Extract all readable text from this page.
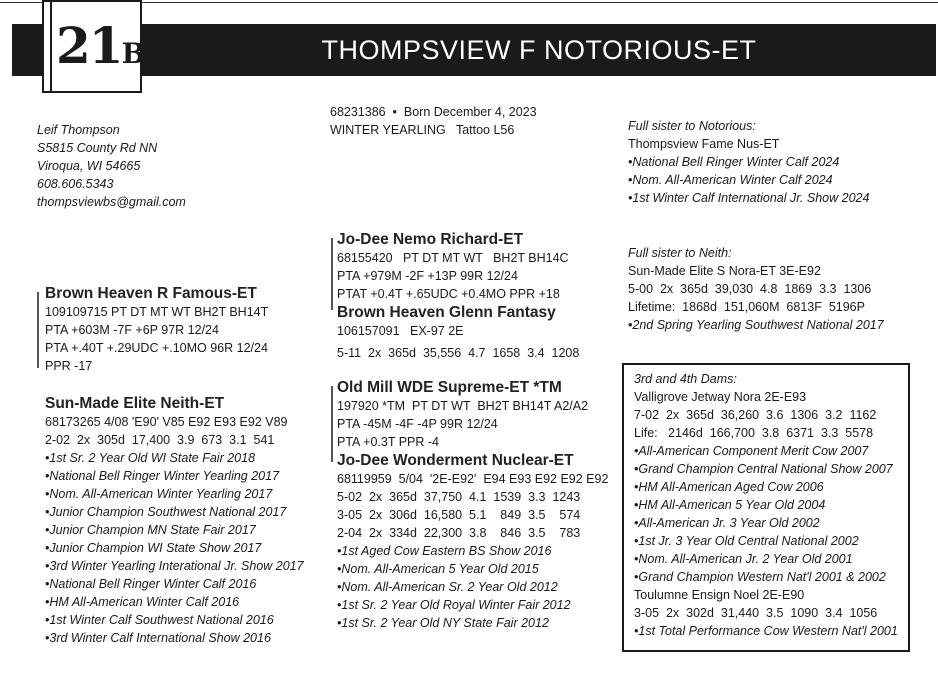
THOMPSVIEW F NOTORIOUS-ET
21B
Leif Thompson
S5815 County Rd NN
Viroqua, WI 54665
608.606.5343
thompsviewbs@gmail.com
68231386  •  Born December 4, 2023
WINTER YEARLING   Tattoo L56
Brown Heaven R Famous-ET
109109715 PT DT MT WT BH2T BH14T
PTA +603M -7F +6P 97R 12/24
PTA +.40T +.29UDC +.10MO 96R 12/24
PPR -17
Sun-Made Elite Neith-ET
68173265 4/08 'E90' V85 E92 E93 E92 V89
2-02  2x  305d  17,400  3.9  673  3.1  541
•1st Sr. 2 Year Old WI State Fair 2018
•National Bell Ringer Winter Yearling 2017
•Nom. All-American Winter Yearling 2017
•Junior Champion Southwest National 2017
•Junior Champion MN State Fair 2017
•Junior Champion WI State Show 2017
•3rd Winter Yearling Interational Jr. Show 2017
•National Bell Ringer Winter Calf 2016
•HM All-American Winter Calf 2016
•1st Winter Calf Southwest National 2016
•3rd Winter Calf International Show 2016
Jo-Dee Nemo Richard-ET
68155420   PT DT MT WT   BH2T BH14C
PTA +979M -2F +13P 99R 12/24
PTAT +0.4T +.65UDC +0.4MO PPR +18
Brown Heaven Glenn Fantasy
106157091   EX-97 2E
5-11  2x  365d  35,556  4.7  1658  3.4  1208
Old Mill WDE Supreme-ET *TM
197920 *TM  PT DT WT  BH2T BH14T A2/A2
PTA -45M -4F -4P 99R 12/24
PTA +0.3T PPR -4
Jo-Dee Wonderment Nuclear-ET
68119959  5/04  '2E-E92'  E94 E93 E92 E92 E92
5-02  2x  365d  37,750  4.1  1539  3.3  1243
3-05  2x  306d  16,580  5.1    849  3.5    574
2-04  2x  334d  22,300  3.8    846  3.5    783
•1st Aged Cow Eastern BS Show 2016
•Nom. All-American 5 Year Old 2015
•Nom. All-American Sr. 2 Year Old 2012
•1st Sr. 2 Year Old Royal Winter Fair 2012
•1st Sr. 2 Year Old NY State Fair 2012
Full sister to Notorious:
Thompsview Fame Nus-ET
•National Bell Ringer Winter Calf 2024
•Nom. All-American Winter Calf 2024
•1st Winter Calf International Jr. Show 2024
Full sister to Neith:
Sun-Made Elite S Nora-ET 3E-E92
5-00  2x  365d  39,030  4.8  1869  3.3  1306
Lifetime:  1868d  151,060M  6813F  5196P
•2nd Spring Yearling Southwest National 2017
3rd and 4th Dams:
Valligrove Jetway Nora 2E-E93
7-02  2x  365d  36,260  3.6  1306  3.2  1162
Life:   2146d  166,700  3.8  6371  3.3  5578
•All-American Component Merit Cow 2007
•Grand Champion Central National Show 2007
•HM All-American Aged Cow 2006
•HM All-American 5 Year Old 2004
•All-American Jr. 3 Year Old 2002
•1st Jr. 3 Year Old Central National 2002
•Nom. All-American Jr. 2 Year Old 2001
•Grand Champion Western Nat'l 2001 & 2002
Toulumne Ensign Noel 2E-E90
3-05  2x  302d  31,440  3.5  1090  3.4  1056
•1st Total Performance Cow Western Nat'l 2001
